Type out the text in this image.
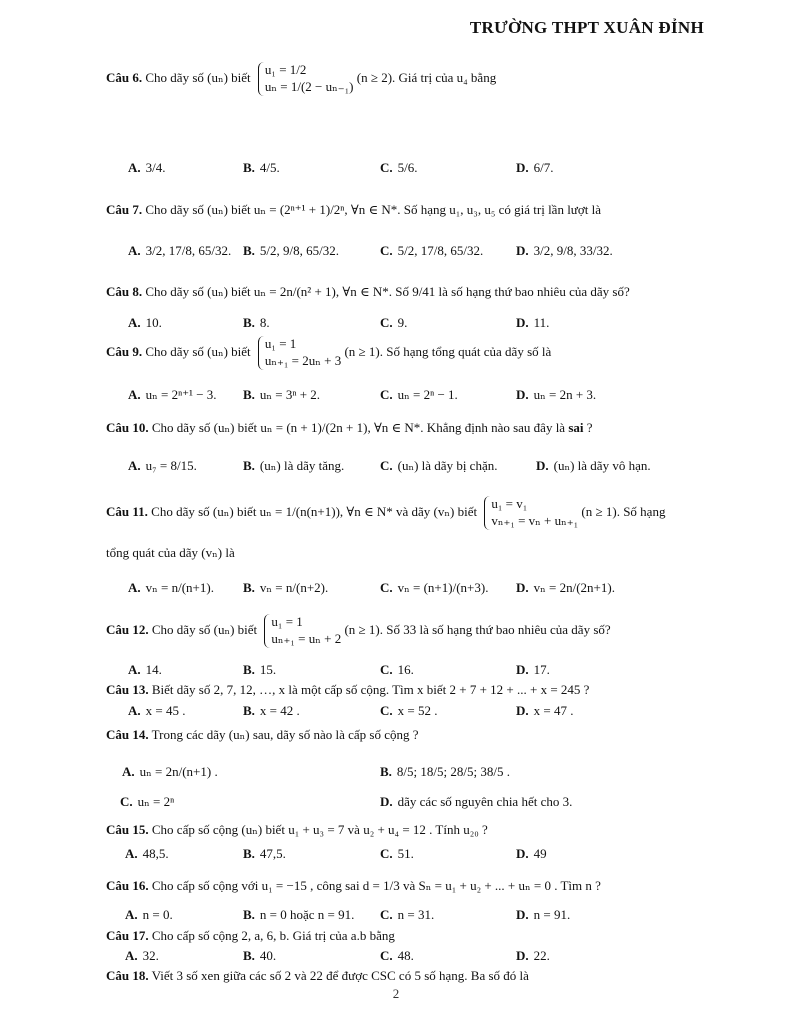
TRƯỜNG THPT XUÂN ĐỈNH
Câu 6. Cho dãy số (uₙ) biết
u₁ = 1/2
uₙ = 1/(2 − uₙ₋₁)
(n ≥ 2). Giá trị của u₄ bằng
A. 3/4.	B. 4/5.	C. 5/6.	D. 6/7.
Câu 7. Cho dãy số (uₙ) biết uₙ = (2ⁿ⁺¹ + 1)/2ⁿ, ∀n ∈ N*. Số hạng u₁, u₃, u₅ có giá trị lần lượt là
A. 3/2, 17/8, 65/32. B. 5/2, 9/8, 65/32.	C. 5/2, 17/8, 65/32.	D. 3/2, 9/8, 33/32.
Câu 8. Cho dãy số (uₙ) biết uₙ = 2n/(n² + 1), ∀n ∈ N*. Số 9/41 là số hạng thứ bao nhiêu của dãy số?
A. 10.	B. 8.	C. 9.	D. 11.
Câu 9. Cho dãy số (uₙ) biết
u₁ = 1
uₙ₊₁ = 2uₙ + 3
(n ≥ 1). Số hạng tổng quát của dãy số là
A. uₙ = 2ⁿ⁺¹ − 3. B. uₙ = 3ⁿ + 2.	C. uₙ = 2ⁿ − 1.	D. uₙ = 2n + 3.
Câu 10. Cho dãy số (uₙ) biết uₙ = (n + 1)/(2n + 1), ∀n ∈ N*. Khẳng định nào sau đây là sai ?
A. u₇ = 8/15.	B. (uₙ) là dãy tăng.	C. (uₙ) là dãy bị chặn.	D. (uₙ) là dãy vô hạn.
Câu 11. Cho dãy số (uₙ) biết uₙ = 1/(n(n+1)), ∀n ∈ N* và dãy (vₙ) biết
u₁ = v₁
vₙ₊₁ = vₙ + uₙ₊₁
(n ≥ 1). Số hạng
tổng quát của dãy (vₙ) là
A. vₙ = n/(n+1). B. vₙ = n/(n+2).	C. vₙ = (n+1)/(n+3). D. vₙ = 2n/(2n+1).
Câu 12. Cho dãy số (uₙ) biết
u₁ = 1
uₙ₊₁ = uₙ + 2
(n ≥ 1). Số 33 là số hạng thứ bao nhiêu của dãy số?
A. 14.	B. 15.	C. 16.	D. 17.
Câu 13. Biết dãy số 2, 7, 12, …, x là một cấp số cộng. Tìm x biết 2 + 7 + 12 + ... + x = 245 ?
A. x = 45 .	B. x = 42 .	C. x = 52 .	D. x = 47 .
Câu 14. Trong các dãy (uₙ) sau, dãy số nào là cấp số cộng ?
A. uₙ = 2n/(n+1) .	B. 8/5; 18/5; 28/5; 38/5 .
C. uₙ = 2ⁿ	D. dãy các số nguyên chia hết cho 3.
Câu 15. Cho cấp số cộng (uₙ) biết u₁ + u₃ = 7 và u₂ + u₄ = 12 . Tính u₂₀ ?
A. 48,5.	B. 47,5.	C. 51.	D. 49
Câu 16. Cho cấp số cộng với u₁ = −15 , công sai d = 1/3 và Sₙ = u₁ + u₂ + ... + uₙ = 0 . Tìm n ?
A. n = 0.	B. n = 0 hoặc n = 91. C. n = 31.	D. n = 91.
Câu 17. Cho cấp số cộng 2, a, 6, b. Giá trị của a.b bằng
A. 32.	B. 40.	C. 48.	D. 22.
Câu 18. Viết 3 số xen giữa các số 2 và 22 để được CSC có 5 số hạng. Ba số đó là
2
